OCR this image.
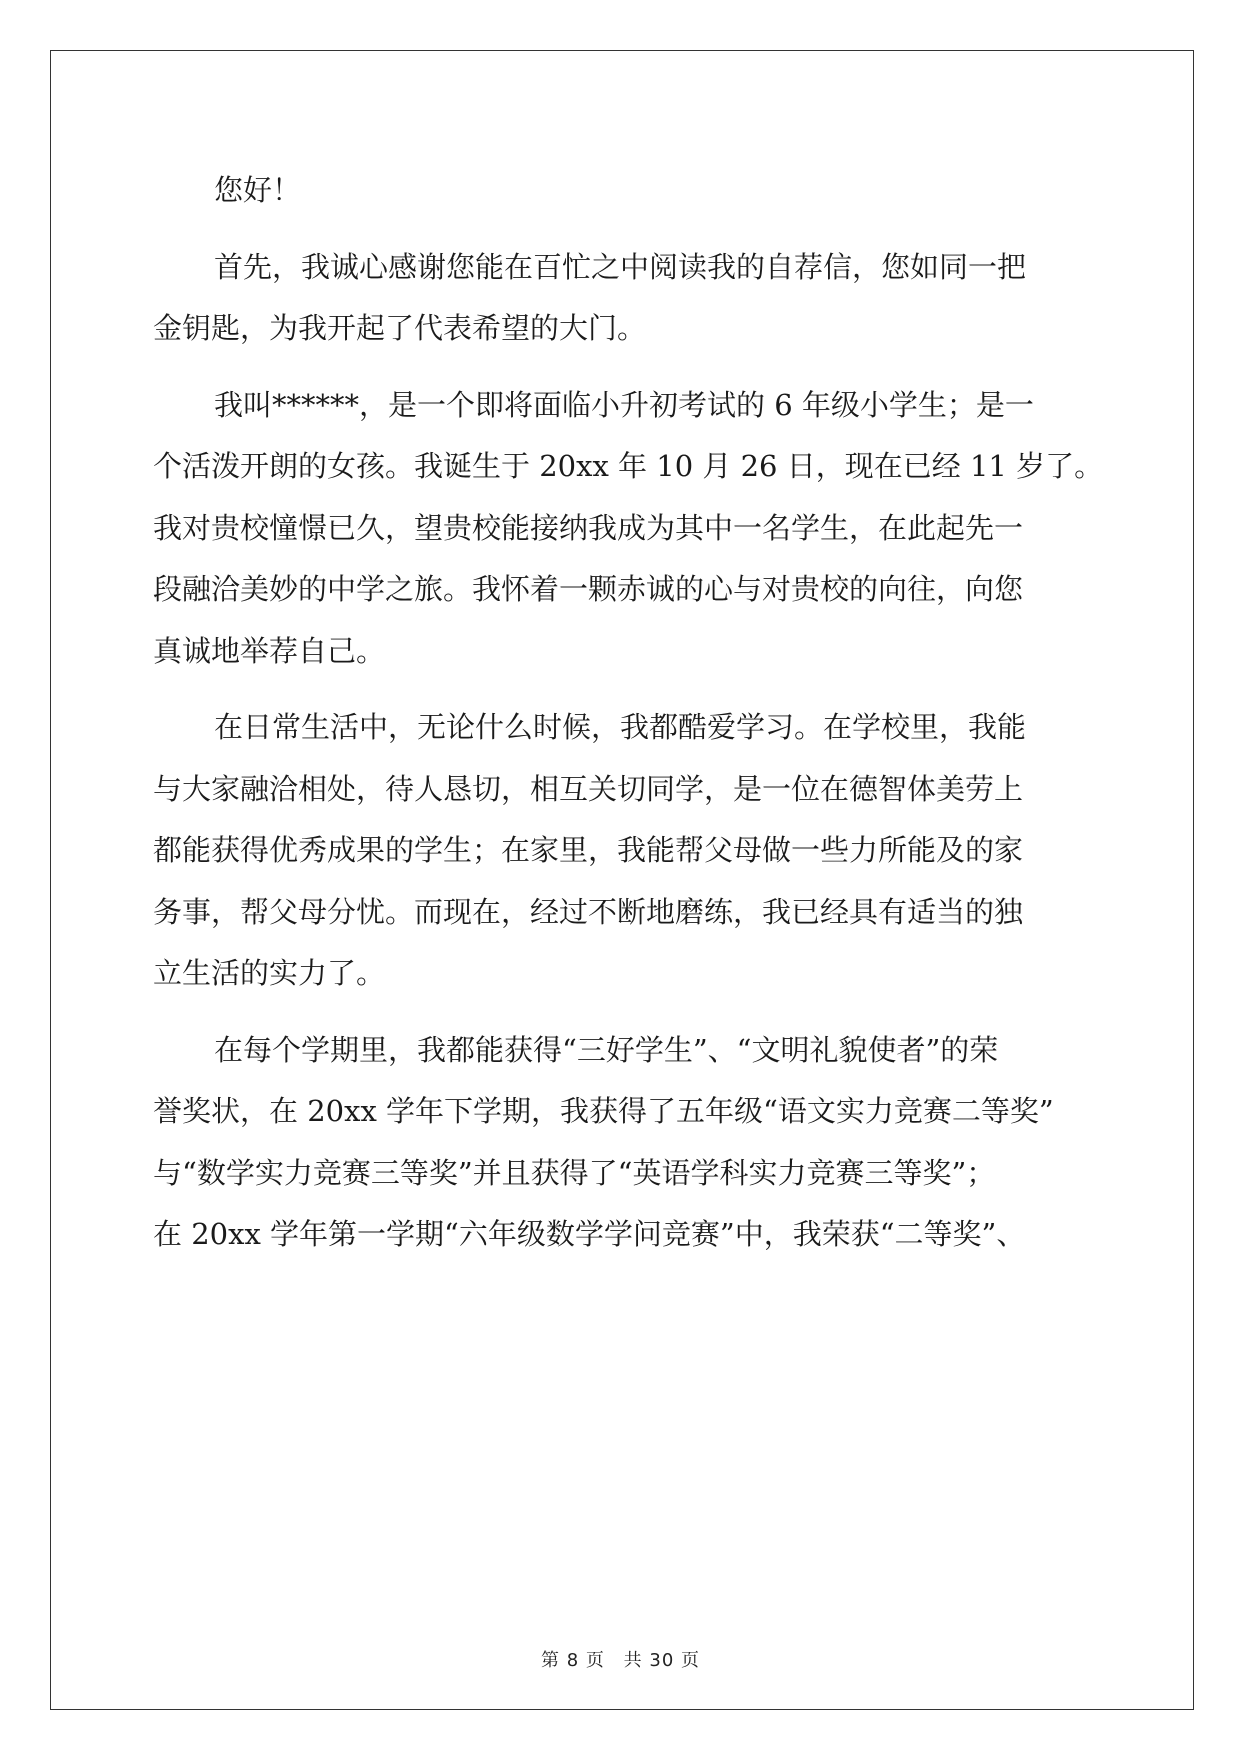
您好！

首先，我诚心感谢您能在百忙之中阅读我的自荐信，您如同一把
金钥匙，为我开起了代表希望的大门。

我叫******，是一个即将面临小升初考试的 6 年级小学生；是一
个活泼开朗的女孩。我诞生于 20xx 年 10 月 26 日，现在已经 11 岁了。
我对贵校憧憬已久，望贵校能接纳我成为其中一名学生，在此起先一
段融洽美妙的中学之旅。我怀着一颗赤诚的心与对贵校的向往，向您
真诚地举荐自己。

在日常生活中，无论什么时候，我都酷爱学习。在学校里，我能
与大家融洽相处，待人恳切，相互关切同学，是一位在德智体美劳上
都能获得优秀成果的学生；在家里，我能帮父母做一些力所能及的家
务事，帮父母分忧。而现在，经过不断地磨练，我已经具有适当的独
立生活的实力了。

在每个学期里，我都能获得“三好学生”、“文明礼貌使者”的荣
誉奖状，在 20xx 学年下学期，我获得了五年级“语文实力竞赛二等奖”
与“数学实力竞赛三等奖”并且获得了“英语学科实力竞赛三等奖”；
在 20xx 学年第一学期“六年级数学学问竞赛”中，我荣获“二等奖”、

第 8 页 共 30 页
